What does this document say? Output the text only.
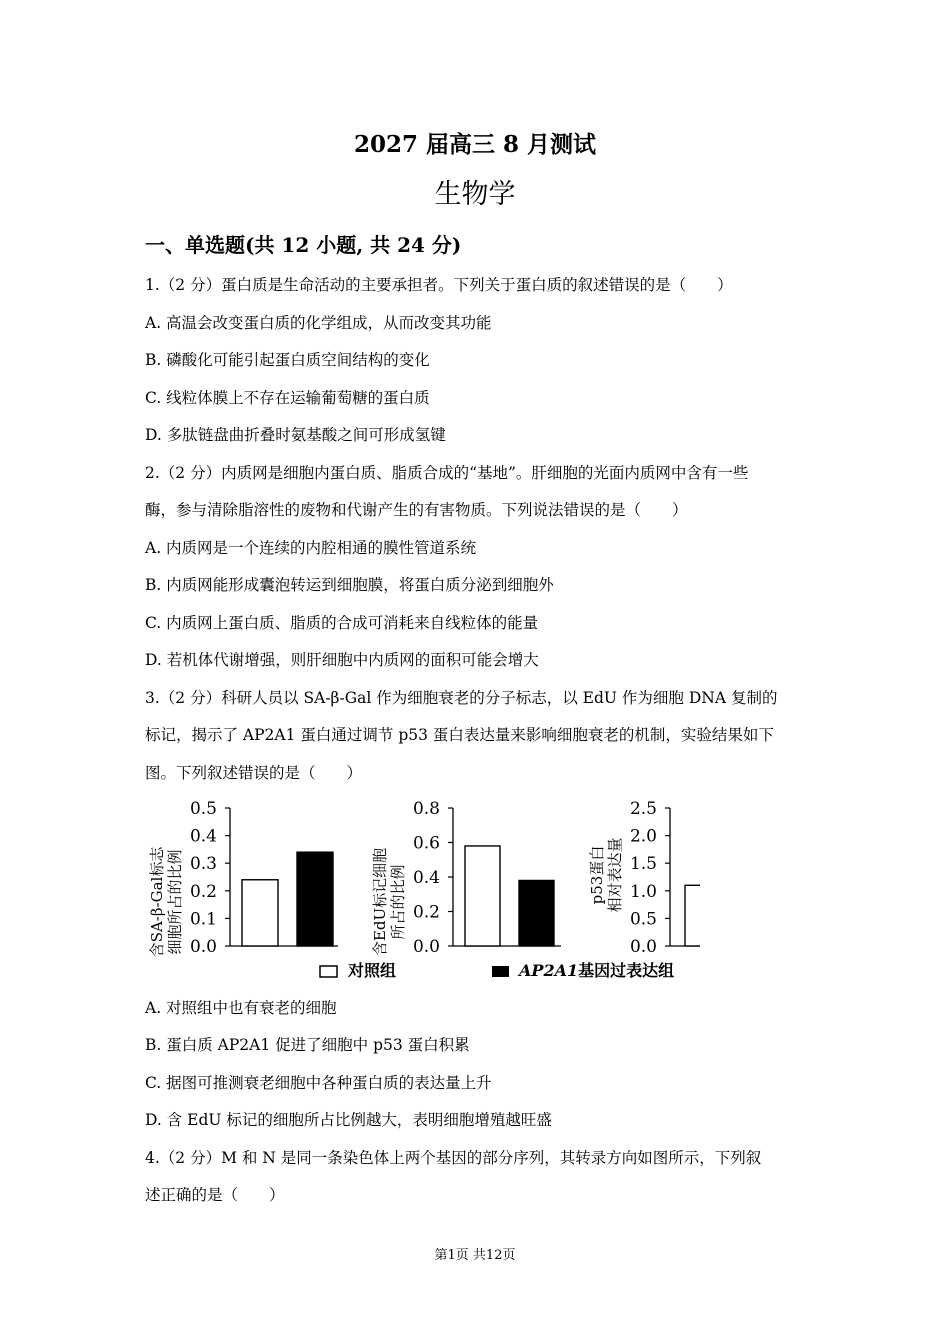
2027 届高三 8 月测试
生物学
一、单选题(共 12 小题, 共 24 分)
1.（2 分）蛋白质是生命活动的主要承担者。下列关于蛋白质的叙述错误的是（　　）
A. 高温会改变蛋白质的化学组成，从而改变其功能
B. 磷酸化可能引起蛋白质空间结构的变化
C. 线粒体膜上不存在运输葡萄糖的蛋白质
D. 多肽链盘曲折叠时氨基酸之间可形成氢键
2.（2 分）内质网是细胞内蛋白质、脂质合成的“基地”。肝细胞的光面内质网中含有一些
酶，参与清除脂溶性的废物和代谢产生的有害物质。下列说法错误的是（　　）
A. 内质网是一个连续的内腔相通的膜性管道系统
B. 内质网能形成囊泡转运到细胞膜，将蛋白质分泌到细胞外
C. 内质网上蛋白质、脂质的合成可消耗来自线粒体的能量
D. 若机体代谢增强，则肝细胞中内质网的面积可能会增大
3.（2 分）科研人员以 SA-β-Gal 作为细胞衰老的分子标志，以 EdU 作为细胞 DNA 复制的
标记，揭示了 AP2A1 蛋白通过调节 p53 蛋白表达量来影响细胞衰老的机制，实验结果如下
图。下列叙述错误的是（　　）
含SA-β-Gal标志 细胞所占的比例	含EdU标记细胞 所占的比例	p53蛋白 相对表达量
0.0
0.1
0.2
0.3
0.4
0.5
0.0
0.2
0.4
0.6
0.8
0.0
0.5
1.0
1.5
2.0
2.5
对照组	AP2A1基因过表达组
A. 对照组中也有衰老的细胞
B. 蛋白质 AP2A1 促进了细胞中 p53 蛋白积累
C. 据图可推测衰老细胞中各种蛋白质的表达量上升
D. 含 EdU 标记的细胞所占比例越大，表明细胞增殖越旺盛
4.（2 分）M 和 N 是同一条染色体上两个基因的部分序列，其转录方向如图所示，下列叙
述正确的是（　　）
第1页 共12页
